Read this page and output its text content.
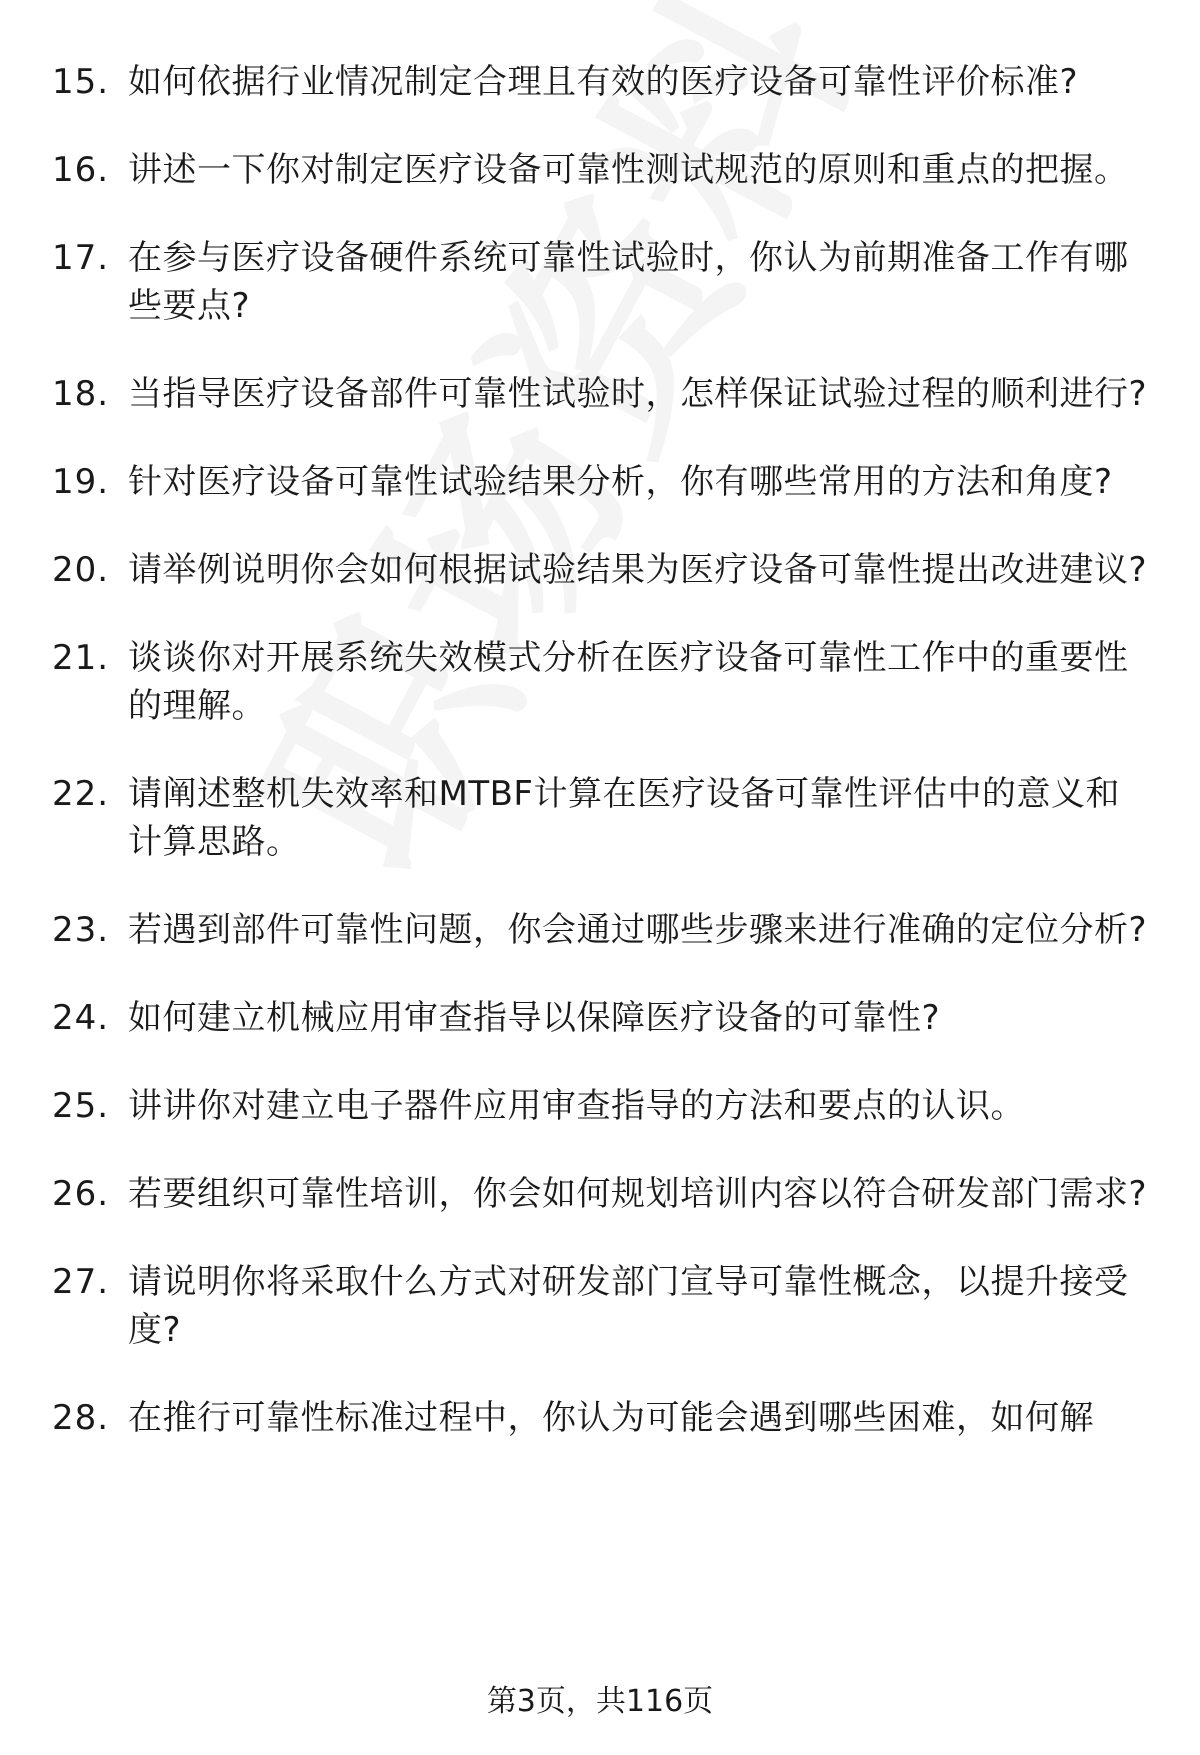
15. 如何依据行业情况制定合理且有效的医疗设备可靠性评价标准?
16. 讲述一下你对制定医疗设备可靠性测试规范的原则和重点的把握。
17. 在参与医疗设备硬件系统可靠性试验时，你认为前期准备工作有哪些要点?
18. 当指导医疗设备部件可靠性试验时，怎样保证试验过程的顺利进行?
19. 针对医疗设备可靠性试验结果分析，你有哪些常用的方法和角度?
20. 请举例说明你会如何根据试验结果为医疗设备可靠性提出改进建议?
21. 谈谈你对开展系统失效模式分析在医疗设备可靠性工作中的重要性的理解。
22. 请阐述整机失效率和MTBF计算在医疗设备可靠性评估中的意义和计算思路。
23. 若遇到部件可靠性问题，你会通过哪些步骤来进行准确的定位分析?
24. 如何建立机械应用审查指导以保障医疗设备的可靠性?
25. 讲讲你对建立电子器件应用审查指导的方法和要点的认识。
26. 若要组织可靠性培训，你会如何规划培训内容以符合研发部门需求?
27. 请说明你将采取什么方式对研发部门宣导可靠性概念，以提升接受度?
28. 在推行可靠性标准过程中，你认为可能会遇到哪些困难，如何解
第3页，共116页
